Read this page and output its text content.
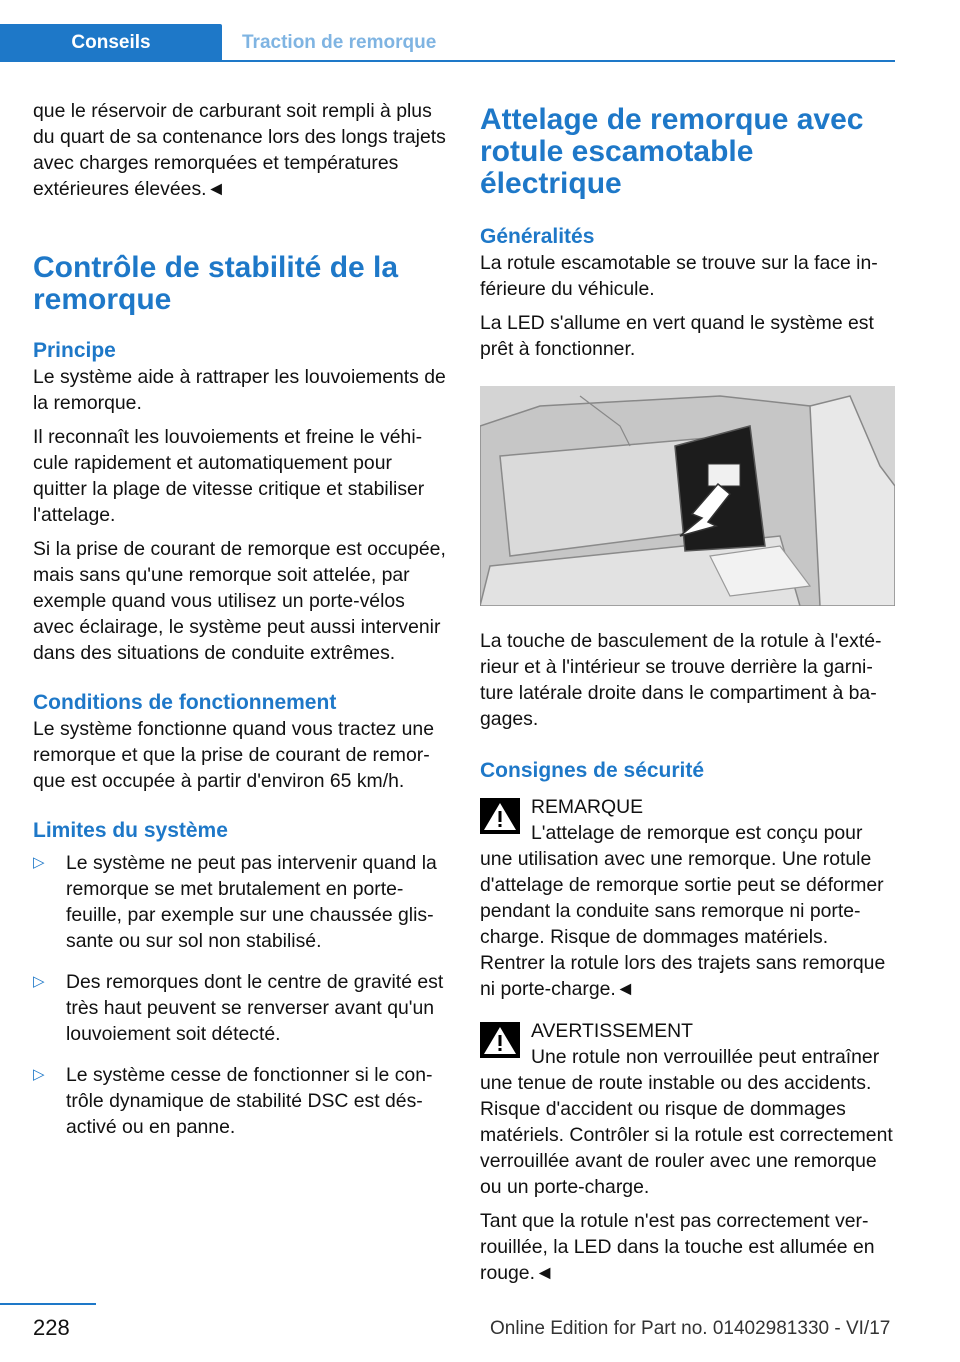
Conseils	Traction de remorque

que le réservoir de carburant soit rempli à plus du quart de sa contenance lors des longs trajets avec charges remorquées et températures extérieures élevées.◄

Contrôle de stabilité de la remorque
Principe

Le système aide à rattraper les louvoiements de la remorque.

Il reconnaît les louvoiements et freine le véhicule rapidement et automatiquement pour quitter la plage de vitesse critique et stabiliser l'attelage.

Si la prise de courant de remorque est occupée, mais sans qu'une remorque soit attelée, par exemple quand vous utilisez un porte-vélos avec éclairage, le système peut aussi intervenir dans des situations de conduite extrêmes.

Conditions de fonctionnement

Le système fonctionne quand vous tractez une remorque et que la prise de courant de remorque est occupée à partir d'environ 65 km/h.

Limites du système
▷ Le système ne peut pas intervenir quand la remorque se met brutalement en porte-feuille, par exemple sur une chaussée glissante ou sur sol non stabilisé.
▷ Des remorques dont le centre de gravité est très haut peuvent se renverser avant qu'un louvoiement soit détecté.
▷ Le système cesse de fonctionner si le contrôle dynamique de stabilité DSC est désactivé ou en panne.
Attelage de remorque avec rotule escamotable électrique
Généralités

La rotule escamotable se trouve sur la face inférieure du véhicule.

La LED s'allume en vert quand le système est prêt à fonctionner.

La touche de basculement de la rotule à l'extérieur et à l'intérieur se trouve derrière la garniture latérale droite dans le compartiment à bagages.

Consignes de sécurité
REMARQUE

L'attelage de remorque est conçu pour une utilisation avec une remorque. Une rotule d'attelage de remorque sortie peut se déformer pendant la conduite sans remorque ni porte-charge. Risque de dommages matériels. Rentrer la rotule lors des trajets sans remorque ni porte-charge.◄

AVERTISSEMENT

Une rotule non verrouillée peut entraîner une tenue de route instable ou des accidents. Risque d'accident ou risque de dommages matériels. Contrôler si la rotule est correctement verrouillée avant de rouler avec une remorque ou un porte-charge.

Tant que la rotule n'est pas correctement verrouillée, la LED dans la touche est allumée en rouge.◄

228	Online Edition for Part no. 01402981330 - VI/17
